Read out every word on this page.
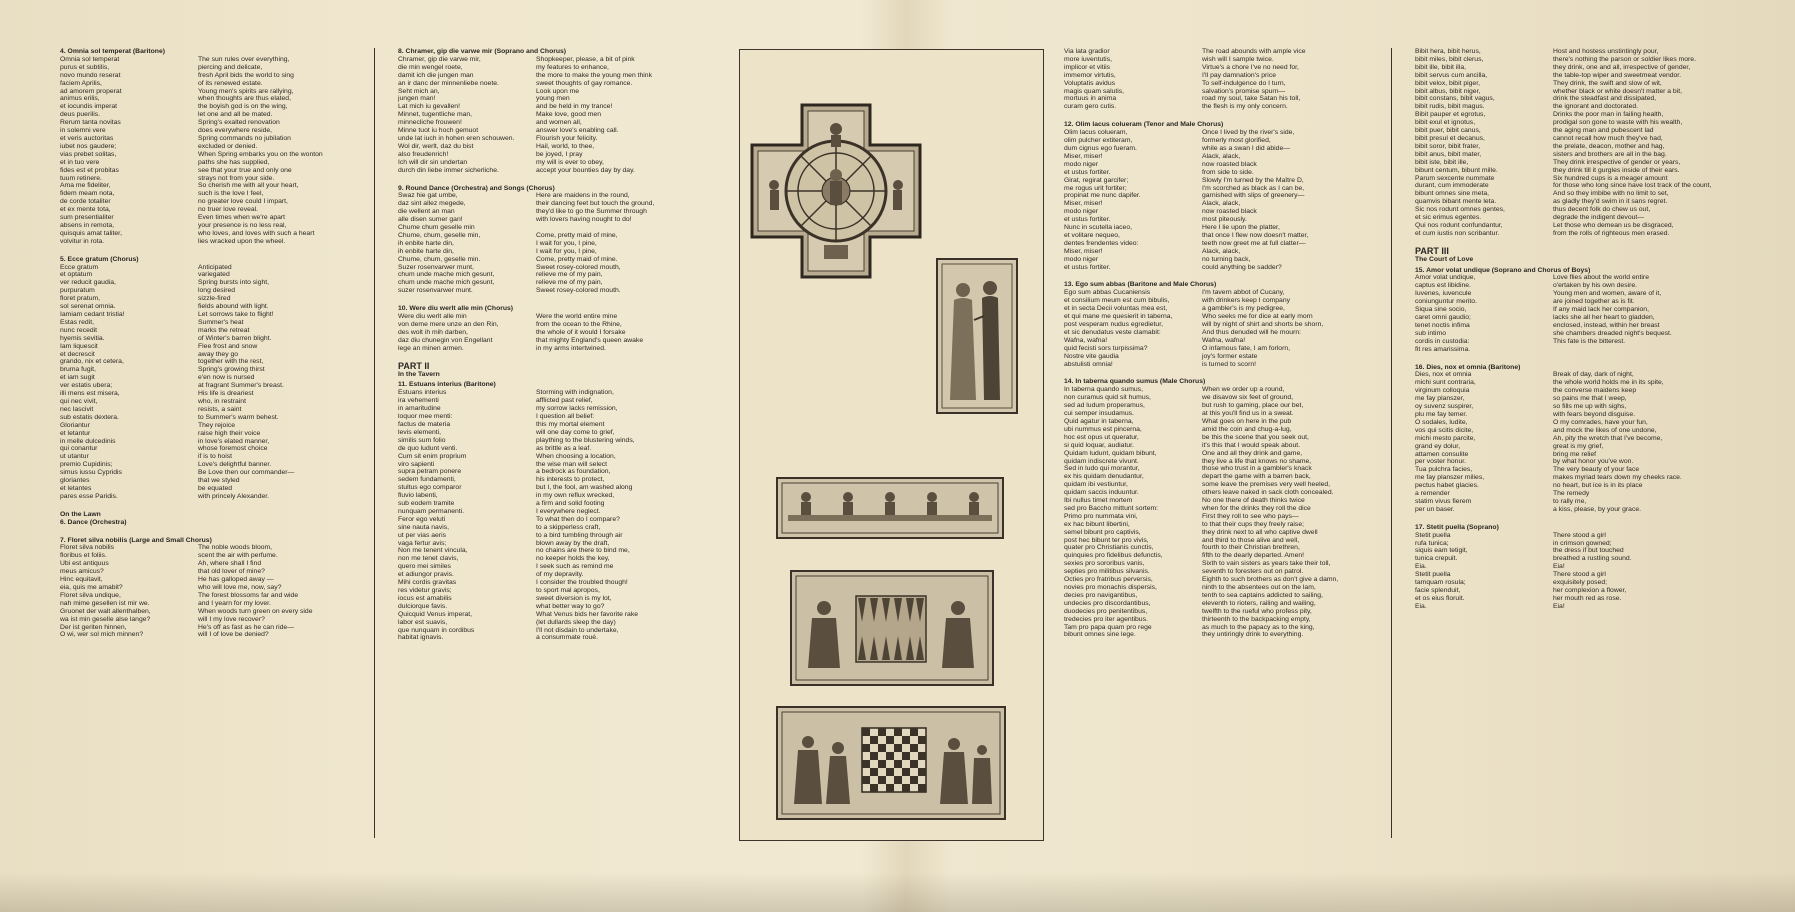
4. Omnia sol temperat (Baritone)
Omnia sol temperat
purus et subtilis,
novo mundo reserat
faciem Aprilis,
ad amorem properat
animus erilis,
et iocundis imperat
deus puerilis.
Rerum tanta novitas
in solemni vere
et veris auctoritas
iubet nos gaudere;
vias prebet solitas,
et in tuo vere
fides est et probitas
tuum retinere.
Ama me fideliter,
fidem meam nota,
de corde totaliter
et ex mente tota,
sum presentialiter
absens in remota,
quisquis amat taliter,
volvitur in rota.
The sun rules over everything,
piercing and delicate,
fresh April bids the world to sing
of its renewed estate.
Young men's spirits are rallying,
when thoughts are thus elated,
the boyish god is on the wing,
let one and all be mated.
Spring's exalted renovation
does everywhere reside,
Spring commands no jubilation
excluded or denied.
When Spring embarks you on the wonton
paths she has supplied,
see that your true and only one
strays not from your side.
So cherish me with all your heart,
such is the love I feel,
no greater love could I impart,
no truer love reveal.
Even times when we're apart
your presence is no less real,
who loves, and loves with such a heart
lies wracked upon the wheel.
5. Ecce gratum (Chorus)
Ecce gratum
et optatum
ver reducit gaudia,
purpuratum
floret pratum,
sol serenat omnia.
Iamiam cedant tristia!
Estas redit,
nunc recedit
hyemis sevitia.
Iam liquescit
et decrescit
grando, nix et cetera,
bruma fugit,
et iam sugit
ver estatis ubera;
illi mens est misera,
qui nec vivit,
nec lascivit
sub estatis dextera.
Gloriantur
et letantur
in melle dulcedinis
qui conantur
ut utantur
premio Cupidinis;
simus iussu Cypridis
gloriantes
et letantes
pares esse Paridis.
Anticipated
variegated
Spring bursts into sight,
long desired
sizzle-fired
fields abound with light.
Let sorrows take to flight!
Summer's heat
marks the retreat
of Winter's barren blight.
Flee frost and snow
away they go
together with the rest,
Spring's growing thirst
e'en now is nursed
at fragrant Summer's breast.
His life is dreariest
who, in restraint
resists, a saint
to Summer's warm behest.
They rejoice
raise high their voice
in love's elated manner,
whose foremost choice
if is to hoist
Love's delightful banner.
Be Love then our commander—
that we styled
be equated
with princely Alexander.
On the Lawn
6. Dance (Orchestra)
7. Floret silva nobilis (Large and Small Chorus)
Floret silva nobilis
floribus et foliis.
Ubi est antiquus
meus amicus?
Hinc equitavit,
eia, quis me amabit?
Floret silva undique,
nah mime gesellen ist mir we.
Gruonet der walt allenthalben,
wa ist min geselle alse lange?
Der ist geriten hinnen,
O wi, wer sol mich minnen?
The noble woods bloom,
scent the air with perfume.
Ah, where shall I find
that old lover of mine?
He has galloped away —
who will love me, now, say?
The forest blossoms far and wide
and I yearn for my lover.
When woods turn green on every side
will I my love recover?
He's off as fast as he can ride—
will I of love be denied?
8. Chramer, gip die varwe mir (Soprano and Chorus)
Chramer, gip die varwe mir,
die min wengel roete,
damit ich die jungen man
an ir danc der minnenliebe noete.
Seht mich an,
jungen man!
Lat mich iu gevallen!
Minnet, tugentliche man,
minnecliche frouwen!
Minne tuot iu hoch gemuot
unde lat iuch in hohen eren schouwen.
Wol dir, werlt, daz du bist
also freudenrich!
Ich will dir sin undertan
durch din liebe immer sicherliche.
Shopkeeper, please, a bit of pink
my features to enhance,
the more to make the young men think
sweet thoughts of gay romance.
Look upon me
young men
and be held in my trance!
Make love, good men
and women all,
answer love's enabling call.
Flourish your felicity.
Hail, world, to thee,
be joyed, I pray
my will is ever to obey,
accept your bounties day by day.
9. Round Dance (Orchestra) and Songs (Chorus)
Swaz hie gat umbe,
daz sint allez megede,
die wellent an man
alle disen sumer gan!
Chume chum geselle min
Chume, chum, geselle min,
ih enbite harte din,
ih enbite harte din,
Chume, chum, geselle min.
Suzer rosenvarwer munt,
chum unde mache mich gesunt,
chum unde mache mich gesunt,
suzer rosenvarwer munt.
Here are maidens in the round,
their dancing feet but touch the ground,
they'd like to go the Summer through
with lovers having nought to do!

Come, pretty maid of mine,
I wait for you, I pine,
I wait for you, I pine,
Come, pretty maid of mine.
Sweet rosey-colored mouth,
relieve me of my pain,
relieve me of my pain,
Sweet rosey-colored mouth.
10. Were diu werlt alle min (Chorus)
Were diu werlt alle min
von deme mere unze an den Rin,
des wolt ih mih darben,
daz diu chunegin von Engellant
lege an minen armen.
Were the world entire mine
from the ocean to the Rhine,
the whole of it would I forsake
that mighty England's queen awake
in my arms intertwined.
PART II
In the Tavern
11. Estuans interius (Baritone)
Estuans interius
ira vehementi
in amaritudine
loquor mee menti:
factus de materia
levis elementi,
similis sum folio
de quo ludunt venti.
Cum sit enim proprium
viro sapienti
supra petram ponere
sedem fundamenti,
stultus ego comparor
fluvio labenti,
sub eodem tramite
nunquam permanenti.
Feror ego veluti
sine nauta navis,
ut per vias aeris
vaga fertur avis;
Non me tenent vincula,
non me tenet clavis,
quero mei similes
et adiungor pravis.
Mihi cordis gravitas
res videtur gravis;
iocus est amabilis
dulciorque favis.
Quicquid Venus imperat,
labor est suavis,
que nunquam in cordibus
habitat ignavis.
Storming with indignation,
afflicted past relief,
my sorrow lacks remission,
I question all belief:
this my mortal element
will one day come to grief,
plaything to the blustering winds,
as brittle as a leaf.
When choosing a location,
the wise man will select
a bedrock as foundation,
his interests to protect,
but I, the fool, am washed along
in my own reflux wrecked,
a firm and solid footing
I everywhere neglect.
To what then do I compare?
to a skipperless craft,
to a bird tumbling through air
blown away by the draft,
no chains are there to bind me,
no keeper holds the key,
I seek such as remind me
of my depravity.
I consider the troubled though!
to sport mal apropos,
sweet diversion is my lot,
what better way to go?
What Venus bids her favorite rake
(let dullards sleep the day)
I'll not disdain to undertake,
a consummate roué.
Via lata gradior
more iuventutis,
implicor et vitiis
immemor virtutis,
Voluptatis avidus
magis quam salutis,
mortuus in anima
curam gero cutis.
The road abounds with ample vice
wish will I sample twice.
Virtue's a chore I've no need for,
I'll pay damnation's price
To self-indulgence do I turn,
salvation's promise spurn—
road my soul, take Satan his toll,
the flesh is my only concern.
12. Olim lacus colueram (Tenor and Male Chorus)
Olim lacus colueram,
olim pulcher extiteram,
dum cignus ego fueram.
Miser, miser!
modo niger
et ustus fortiter.
Girat, regirat garcifer;
me rogus urit fortiter;
propinat me nunc dapifer.
Miser, miser!
modo niger
et ustus fortiter.
Nunc in scutella iaceo,
et volitare nequeo,
dentes frendentes video:
Miser, miser!
modo niger
et ustus fortiter.
Once I lived by the river's side,
formerly most glorified,
while as a swan I did abide—
Alack, alack,
now roasted black
from side to side.
Slowly I'm turned by the Maître D,
I'm scorched as black as I can be,
garnished with slips of greenery—
Alack, alack,
now roasted black
most piteously.
Here I lie upon the platter,
that once I flew now doesn't matter,
teeth now greet me at full clatter—
Alack, alack,
no turning back,
could anything be sadder?
13. Ego sum abbas (Baritone and Male Chorus)
Ego sum abbas Cucaniensis
et consilium meum est cum bibulis,
et in secta Decii voluntas mea est,
et qui mane me quesierit in taberna,
post vesperam nudus egredietur,
et sic denudatus veste clamabit:
Wafna, wafna!
quid fecisti sors turpissima?
Nostre vite gaudia
abstulisti omnia!
I'm tavern abbot of Cucany,
with drinkers keep I company
a gambler's is my pedigree,
Who seeks me for dice at early morn
will by night of shirt and shorts be shorn,
And thus denuded will he mourn:
Wafna, wafna!
O infamous fate, I am forlorn,
joy's former estate
is turned to scorn!
14. In taberna quando sumus (Male Chorus)
In taberna quando sumus,
non curamus quid sit humus,
sed ad ludum properamus,
cui semper insudamus.
Quid agatur in taberna,
ubi nummus est pincerna,
hoc est opus ut queratur,
si quid loquar, audiatur.
Quidam ludunt, quidam bibunt,
quidam indiscrete vivunt.
Sed in ludo qui morantur,
ex his quidam denudantur,
quidam ibi vestiuntur,
quidam saccis induuntur.
Ibi nullus timet mortem
sed pro Baccho mittunt sortem:
Primo pro nummata vini,
ex hac bibunt libertini,
semel bibunt pro captivis,
post hec bibunt ter pro vivis,
quater pro Christianis cunctis,
quinquies pro fidelibus defunctis,
sexies pro sororibus vanis,
septies pro militibus silvanis.
Octies pro fratribus perversis,
novies pro monachis dispersis,
decies pro navigantibus,
undecies pro discordantibus,
duodecies pro penitentibus,
tredecies pro iter agentibus.
Tam pro papa quam pro rege
bibunt omnes sine lege.
When we order up a round,
we disavow six feet of ground,
but rush to gaming, place our bet,
at this you'll find us in a sweat.
What goes on here in the pub
amid the coin and chug-a-lug,
be this the scene that you seek out,
it's this that I would speak about.
One and all they drink and game,
they live a life that knows no shame,
those who trust in a gambler's knack
depart the game with a barren back,
some leave the premises very well heeled,
others leave naked in sack cloth concealed.
No one there of death thinks twice
when for the drinks they roll the dice
First they roll to see who pays—
to that their cups they freely raise;
they drink next to all who captive dwell
and third to those alive and well,
fourth to their Christian brethren,
fifth to the dearly departed. Amen!
Sixth to vain sisters as years take their toll,
seventh to foresters out on patrol.
Eighth to such brothers as don't give a damn,
ninth to the absentees out on the lam,
tenth to sea captains addicted to sailing,
eleventh to rioters, railing and wailing,
twelfth to the rueful who profess pity,
thirteenth to the backpacking empty,
as much to the papacy as to the king,
they untiringly drink to everything.
Bibit hera, bibit herus,
bibit miles, bibit clerus,
bibit ille, bibit illa,
bibit servus cum ancilla,
bibit velox, bibit piger,
bibit albus, bibit niger,
bibit constans, bibit vagus,
bibit rudis, bibit magus.
Bibit pauper et egrotus,
bibit exul et ignotus,
bibit puer, bibit canus,
bibit presul et decanus,
bibit soror, bibit frater,
bibit anus, bibit mater,
bibit iste, bibit ille,
bibunt centum, bibunt mille.
Parum sexcente nummate
durant, cum immoderate
bibunt omnes sine meta,
quamvis bibant mente leta.
Sic nos rodunt omnes gentes,
et sic erimus egentes.
Qui nos rodunt confundantur,
et cum iustis non scribantur.
Host and hostess unstintingly pour,
there's nothing the parson or soldier likes more.
they drink, one and all, irrespective of gender,
the table-top wiper and sweetmeat vendor.
They drink, the swift and slow of wit,
whether black or white doesn't matter a bit,
drink the steadfast and dissipated,
the ignorant and doctorated.
Drinks the poor man in failing health,
prodigal son gone to waste with his wealth,
the aging man and pubescent lad
cannot recall how much they've had,
the prelate, deacon, mother and hag,
sisters and brothers are all in the bag.
They drink irrespective of gender or years,
they drink till it gurgles inside of their ears.
Six hundred cups is a meager amount
for those who long since have lost track of the count,
And so they imbibe with no limit to set,
as gladly they'd swim in it sans regret.
thus decent folk do chew us out,
degrade the indigent devout—
Let those who demean us be disgraced,
from the rolls of righteous men erased.
PART III
The Court of Love
15. Amor volat undique (Soprano and Chorus of Boys)
Amor volat undique,
captus est libidine.
Iuvenes, iuvencule
coniunguntur merito.
Siqua sine socio,
caret omni gaudio;
tenet noctis infima
sub intimo
cordis in custodia:
fit res amarissima.
Love flies about the world entire
o'ertaken by his own desire.
Young men and women, aware of it,
are joined together as is fit.
If any maid lack her companion,
lacks she all her heart to gladden,
enclosed, instead, within her breast
she chambers dreaded night's bequest.
This fate is the bitterest.
16. Dies, nox et omnia (Baritone)
Dies, nox et omnia
michi sunt contraria,
virginum colloquia
me fay planszer,
oy suvenz suspirer,
plu me fay temer.
O sodales, ludite,
vos qui scitis dicite,
michi mesto parcite,
grand ey dolur,
attamen consulite
per voster honur.
Tua pulchra facies,
me fay planszer milies,
pectus habet glacies.
a remender
statim vivus fierem
per un baser.
Break of day, dark of night,
the whole world holds me in its spite,
the converse maidens keep
so pains me that I weep,
so fills me up with sighs,
with fears beyond disguise.
O my comrades, have your fun,
and mock the likes of one undone,
Ah, pity the wretch that I've become,
great is my grief,
bring me relief
by what honor you've won.
The very beauty of your face
makes myriad tears down my cheeks race.
no heart, but ice is in its place
The remedy
to rally me,
a kiss, please, by your grace.
17. Stetit puella (Soprano)
Stetit puella
rufa tunica;
siquis eam tetigit,
tunica crepuit.
Eia.
Stetit puella
tamquam rosula;
facie splenduit,
et os eius floruit.
Eia.
There stood a girl
in crimson gowned;
the dress if but touched
breathed a rustling sound.
Eia!
There stood a girl
exquisitely posed;
her complexion a flower,
her mouth red as rose.
Eia!
